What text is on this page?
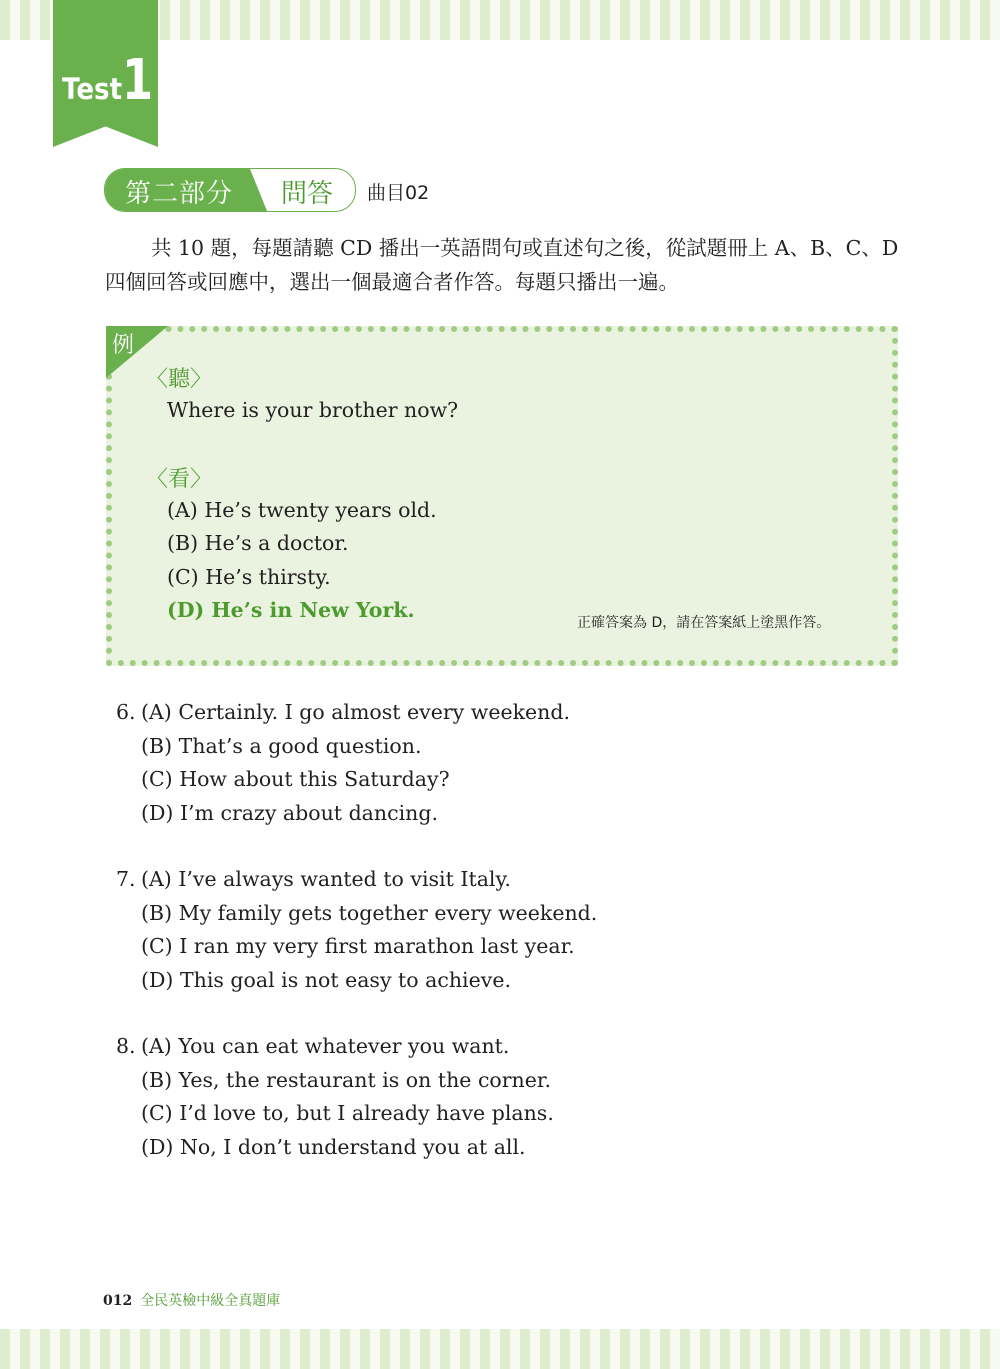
Test 1
第二部分 問答 曲目02
共 10 題，每題請聽 CD 播出一英語問句或直述句之後，從試題冊上 A、B、C、D 四個回答或回應中，選出一個最適合者作答。每題只播出一遍。
例
〈聽〉
Where is your brother now?
〈看〉
(A) He’s twenty years old.
(B) He’s a doctor.
(C) He’s thirsty.
(D) He’s in New York.
正確答案為 D，請在答案紙上塗黑作答。
6. (A) Certainly. I go almost every weekend.
(B) That’s a good question.
(C) How about this Saturday?
(D) I’m crazy about dancing.
7. (A) I’ve always wanted to visit Italy.
(B) My family gets together every weekend.
(C) I ran my very first marathon last year.
(D) This goal is not easy to achieve.
8. (A) You can eat whatever you want.
(B) Yes, the restaurant is on the corner.
(C) I’d love to, but I already have plans.
(D) No, I don’t understand you at all.
012 全民英檢中級全真題庫
